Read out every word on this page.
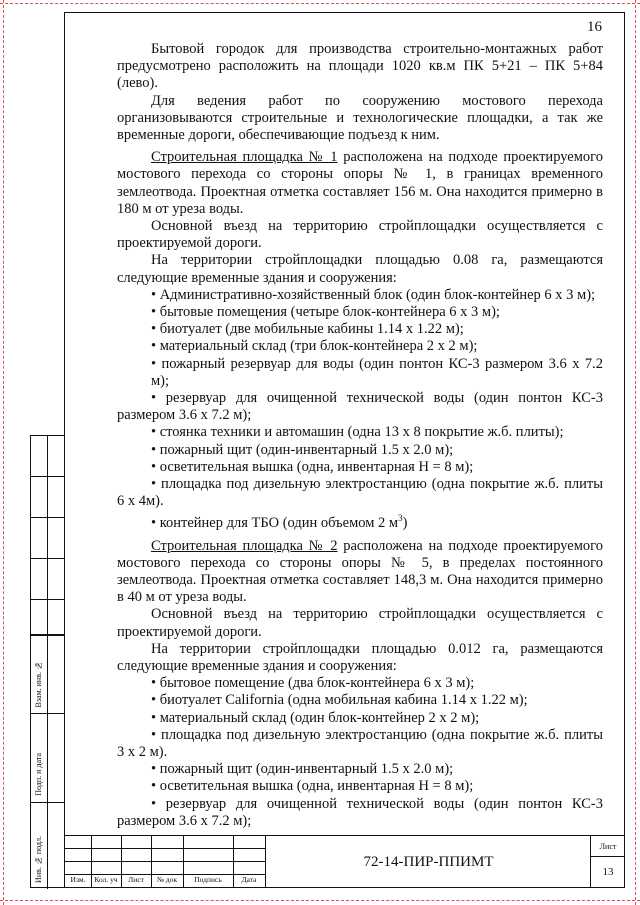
Взам. инв. №
Подп. и дата
Инв. № подл.
16

Бытовой городок для производства строительно-монтажных работ предусмотрено расположить на площади 1020 кв.м ПК 5+21 – ПК 5+84 (лево).

Для ведения работ по сооружению мостового перехода организовываются строительные и технологические площадки, а так же временные дороги, обеспечивающие подъезд к ним.

Строительная площадка № 1 расположена на подходе проектируемого мостового перехода со стороны опоры № 1, в границах временного землеотвода. Проектная отметка составляет 156 м. Она находится примерно в 180 м от уреза воды.

Основной въезд на территорию стройплощадки осуществляется с проектируемой дороги.

На территории стройплощадки площадью 0.08 га, размещаются следующие временные здания и сооружения:

• Административно-хозяйственный блок (один блок-контейнер 6 х 3 м);

• бытовые помещения (четыре блок-контейнера 6 х 3 м);

• биотуалет (две мобильные кабины 1.14 х 1.22 м);

• материальный склад (три блок-контейнера 2 х 2 м);

• пожарный резервуар для воды (один понтон КС-3 размером 3.6 х 7.2 м);

• резервуар для очищенной технической воды (один понтон КС-3 размером 3.6 х 7.2 м);

• стоянка техники и автомашин (одна 13 х 8 покрытие ж.б. плиты);

• пожарный щит (один-инвентарный 1.5 х 2.0 м);

• осветительная вышка (одна, инвентарная Н = 8 м);

• площадка под дизельную электростанцию (одна покрытие ж.б. плиты 6 х 4м).

• контейнер для ТБО (один объемом 2 $м^3$)

Строительная площадка № 2 расположена на подходе проектируемого мостового перехода со стороны опоры № 5, в пределах постоянного землеотвода. Проектная отметка составляет 148,3 м. Она находится примерно в 40 м от уреза воды.

Основной въезд на территорию стройплощадки осуществляется с проектируемой дороги.

На территории стройплощадки площадью 0.012 га, размещаются следующие временные здания и сооружения:

• бытовое помещение (два блок-контейнера 6 х 3 м);

• биотуалет California (одна мобильная кабина 1.14 х 1.22 м);

• материальный склад (один блок-контейнер 2 х 2 м);

• площадка под дизельную электростанцию (одна покрытие ж.б. плиты 3 х 2 м).

• пожарный щит (один-инвентарный 1.5 х 2.0 м);

• осветительная вышка (одна, инвентарная Н = 8 м);

• резервуар для очищенной технической воды (один понтон КС-3 размером 3.6 х 7.2 м);

Изм.	Кол. уч	Лист	№ док	Подпись	Дата
72-14-ПИР-ППИМТ
Лист
13
